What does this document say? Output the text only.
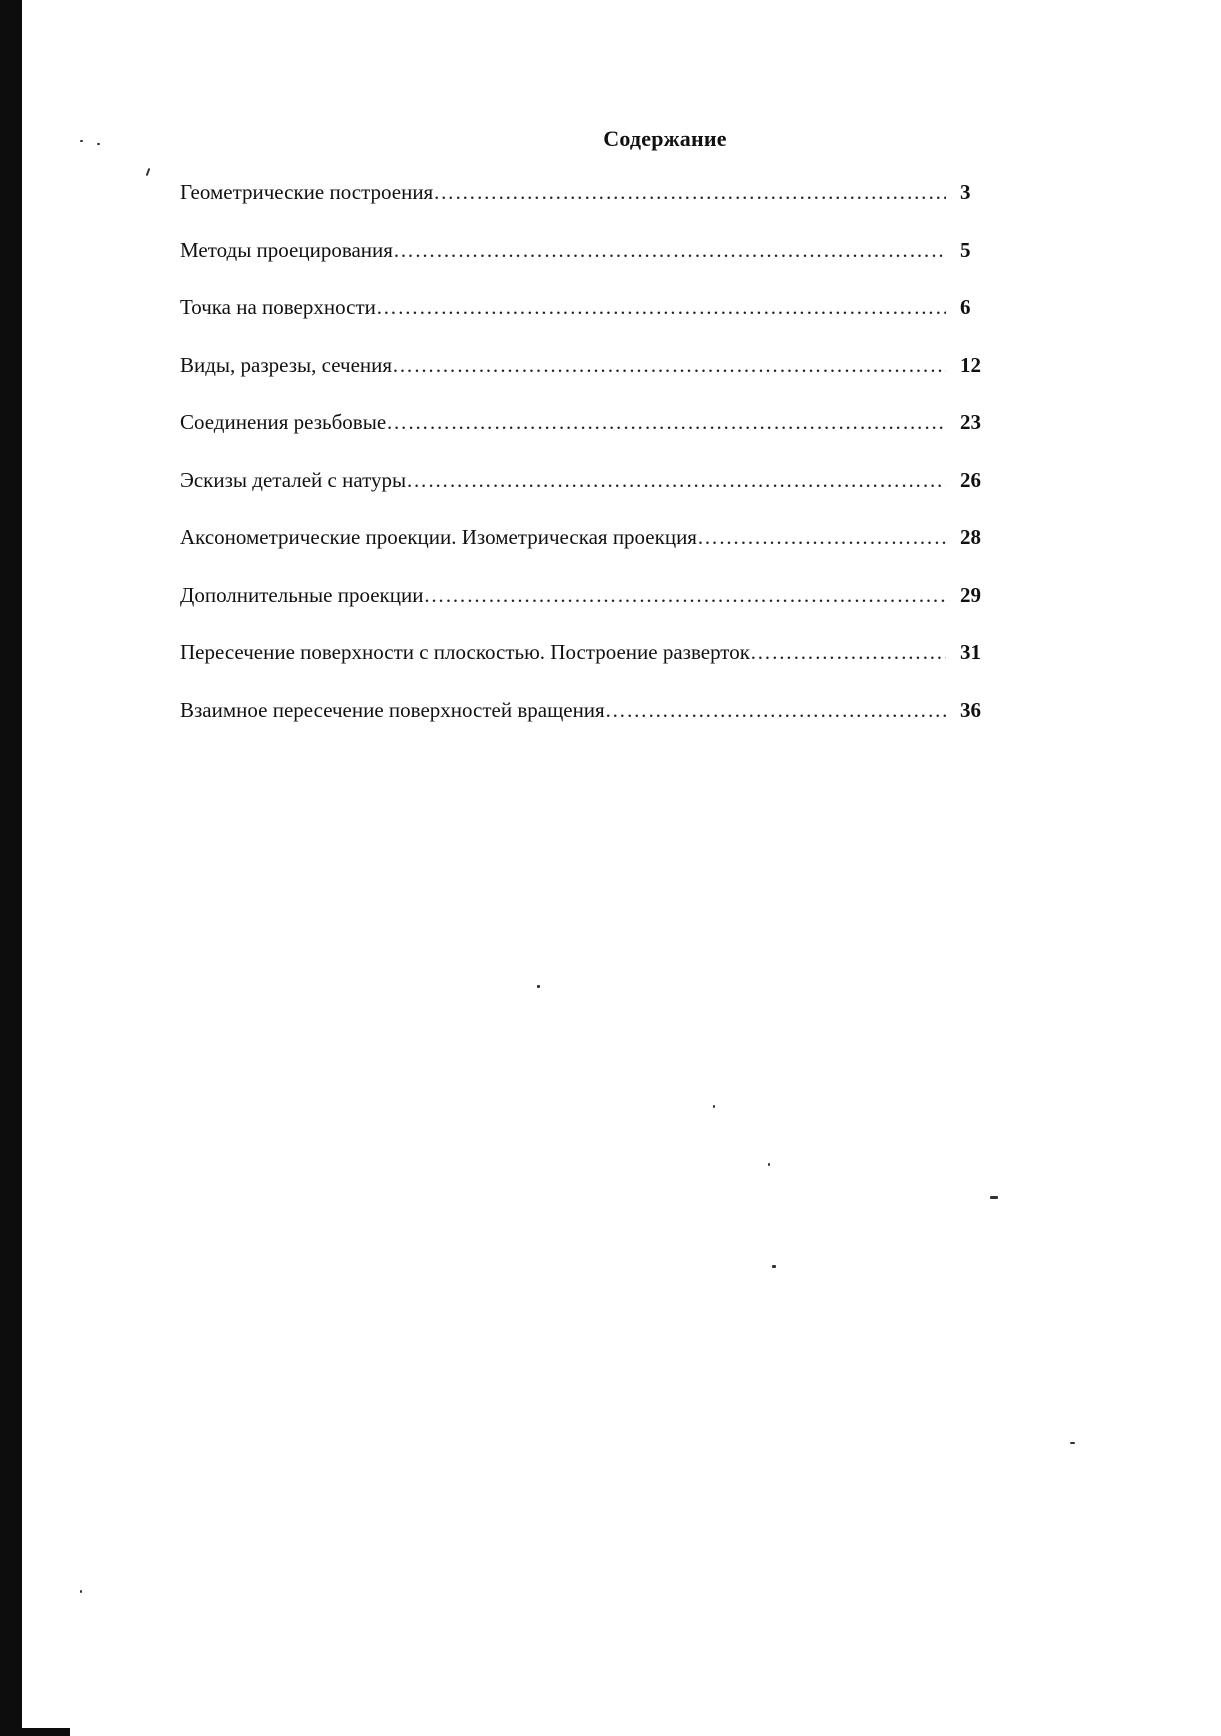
Содержание
Геометрические построения …………………………………………………………………………………………………………………………………………	3
Методы проецирования …………………………………………………………………………………………………………………………………………	5
Точка на поверхности …………………………………………………………………………………………………………………………………………	6
Виды, разрезы, сечения …………………………………………………………………………………………………………………………………………	12
Соединения резьбовые …………………………………………………………………………………………………………………………………………	23
Эскизы деталей с натуры …………………………………………………………………………………………………………………………………………	26
Аксонометрические проекции. Изометрическая проекция …………………………………………………………………………………………………………………………………………	28
Дополнительные проекции …………………………………………………………………………………………………………………………………………	29
Пересечение поверхности с плоскостью. Построение разверток …………………………………………………………………………………………………………………………………………	31
Взаимное пересечение поверхностей вращения …………………………………………………………………………………………………………………………………………	36
